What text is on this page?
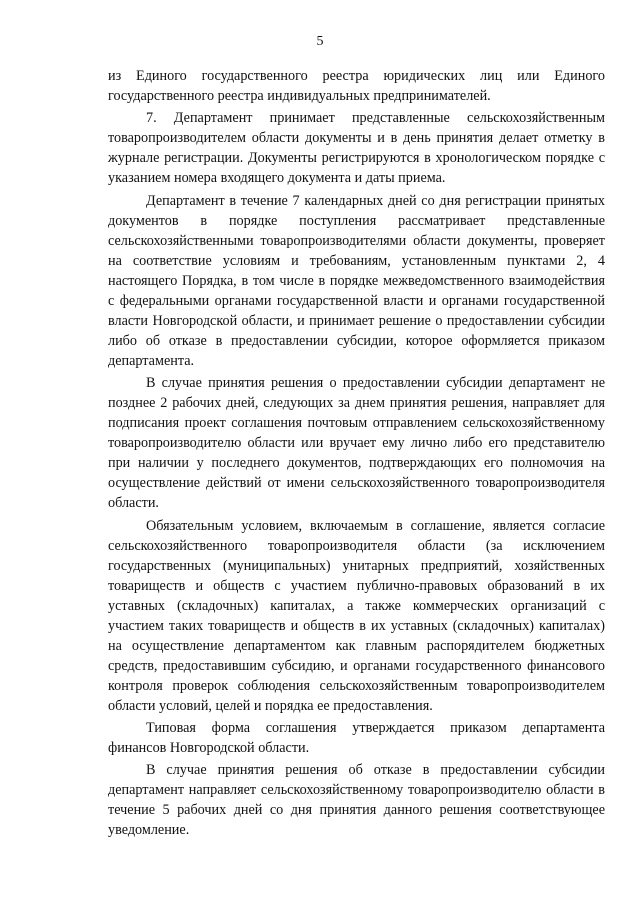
5

из Единого государственного реестра юридических лиц или Единого государственного реестра индивидуальных предпринимателей.

7. Департамент принимает представленные сельскохозяйственным товаропроизводителем области документы и в день принятия делает отметку в журнале регистрации. Документы регистрируются в хронологическом порядке с указанием номера входящего документа и даты приема.

Департамент в течение 7 календарных дней со дня регистрации принятых документов в порядке поступления рассматривает представленные сельскохозяйственными товаропроизводителями области документы, проверяет на соответствие условиям и требованиям, установленным пунктами 2, 4 настоящего Порядка, в том числе в порядке межведомственного взаимодействия с федеральными органами государственной власти и органами государственной власти Новгородской области, и принимает решение о предоставлении субсидии либо об отказе в предоставлении субсидии, которое оформляется приказом департамента.

В случае принятия решения о предоставлении субсидии департамент не позднее 2 рабочих дней, следующих за днем принятия решения, направляет для подписания проект соглашения почтовым отправлением сельскохозяйственному товаропроизводителю области или вручает ему лично либо его представителю при наличии у последнего документов, подтверждающих его полномочия на осуществление действий от имени сельскохозяйственного товаропроизводителя области.

Обязательным условием, включаемым в соглашение, является согласие сельскохозяйственного товаропроизводителя области (за исключением государственных (муниципальных) унитарных предприятий, хозяйственных товариществ и обществ с участием публично-правовых образований в их уставных (складочных) капиталах, а также коммерческих организаций с участием таких товариществ и обществ в их уставных (складочных) капиталах) на осуществление департаментом как главным распорядителем бюджетных средств, предоставившим субсидию, и органами государственного финансового контроля проверок соблюдения сельскохозяйственным товаропроизводителем области условий, целей и порядка ее предоставления.

Типовая форма соглашения утверждается приказом департамента финансов Новгородской области.

В случае принятия решения об отказе в предоставлении субсидии департамент направляет сельскохозяйственному товаропроизводителю области в течение 5 рабочих дней со дня принятия данного решения соответствующее уведомление.
